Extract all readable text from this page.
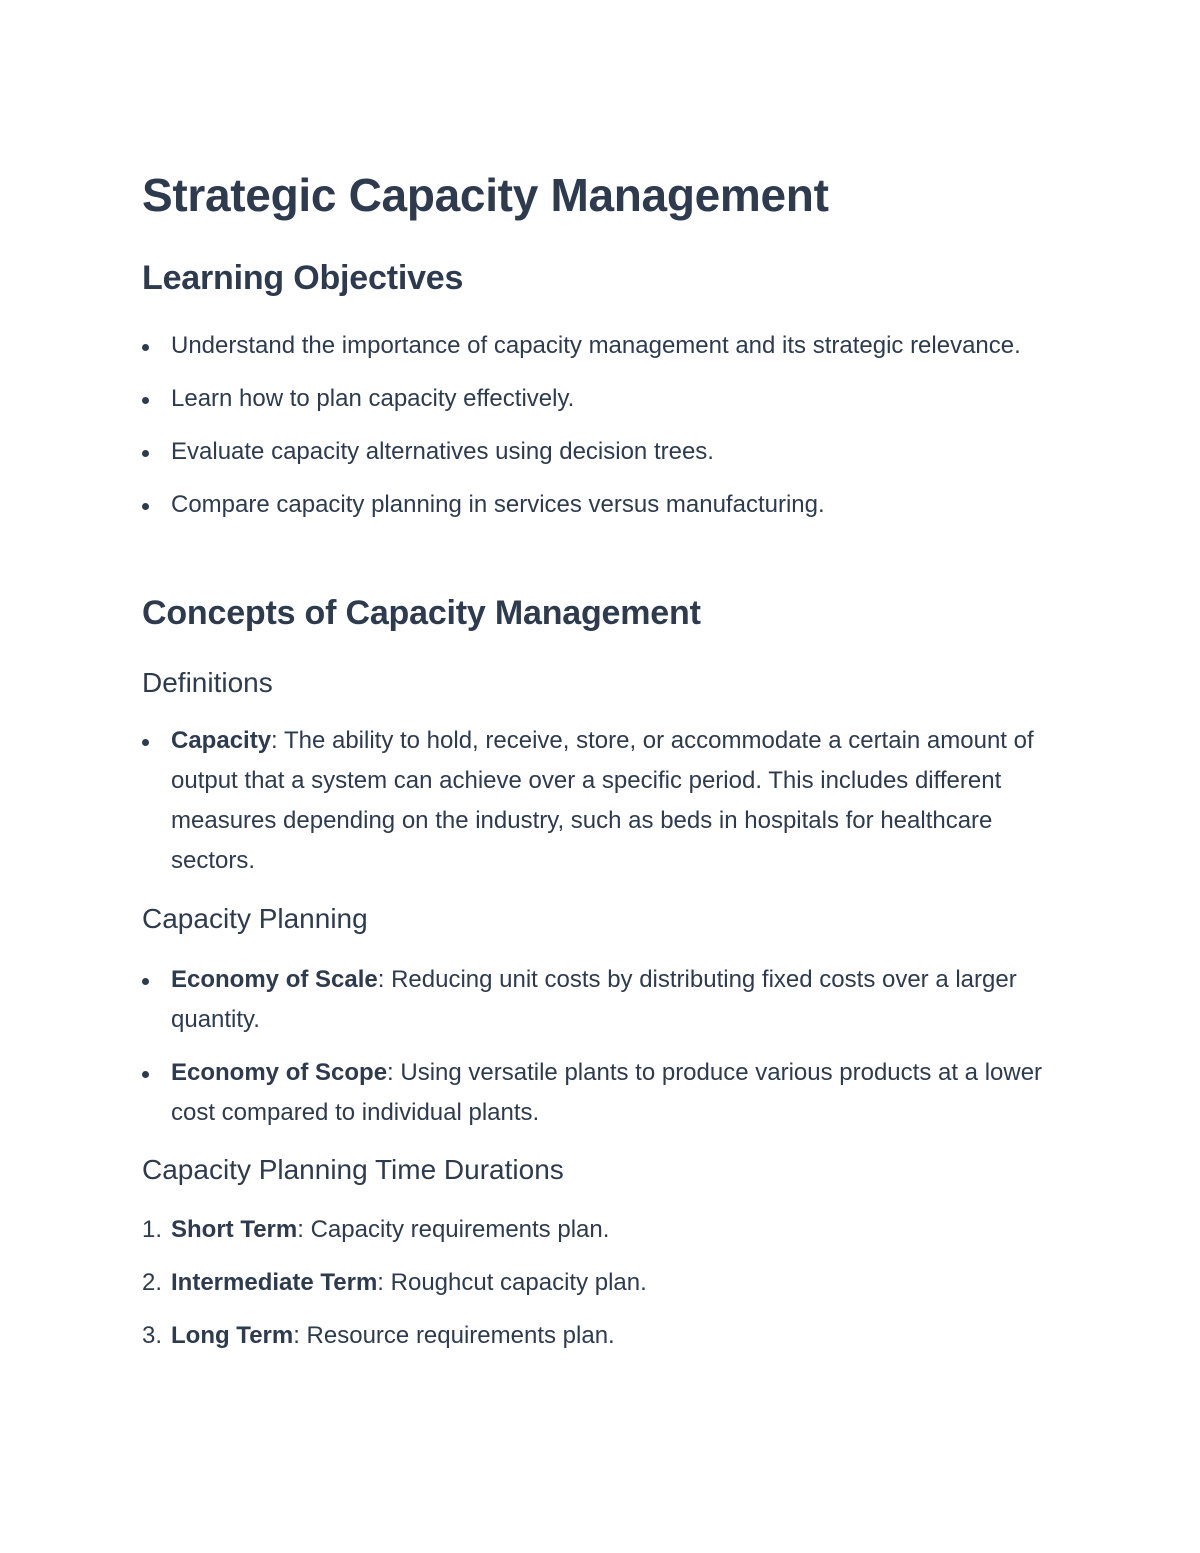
Strategic Capacity Management
Learning Objectives
Understand the importance of capacity management and its strategic relevance.
Learn how to plan capacity effectively.
Evaluate capacity alternatives using decision trees.
Compare capacity planning in services versus manufacturing.
Concepts of Capacity Management
Definitions
Capacity: The ability to hold, receive, store, or accommodate a certain amount of output that a system can achieve over a specific period. This includes different measures depending on the industry, such as beds in hospitals for healthcare sectors.
Capacity Planning
Economy of Scale: Reducing unit costs by distributing fixed costs over a larger quantity.
Economy of Scope: Using versatile plants to produce various products at a lower cost compared to individual plants.
Capacity Planning Time Durations
1. Short Term: Capacity requirements plan.
2. Intermediate Term: Roughcut capacity plan.
3. Long Term: Resource requirements plan.
